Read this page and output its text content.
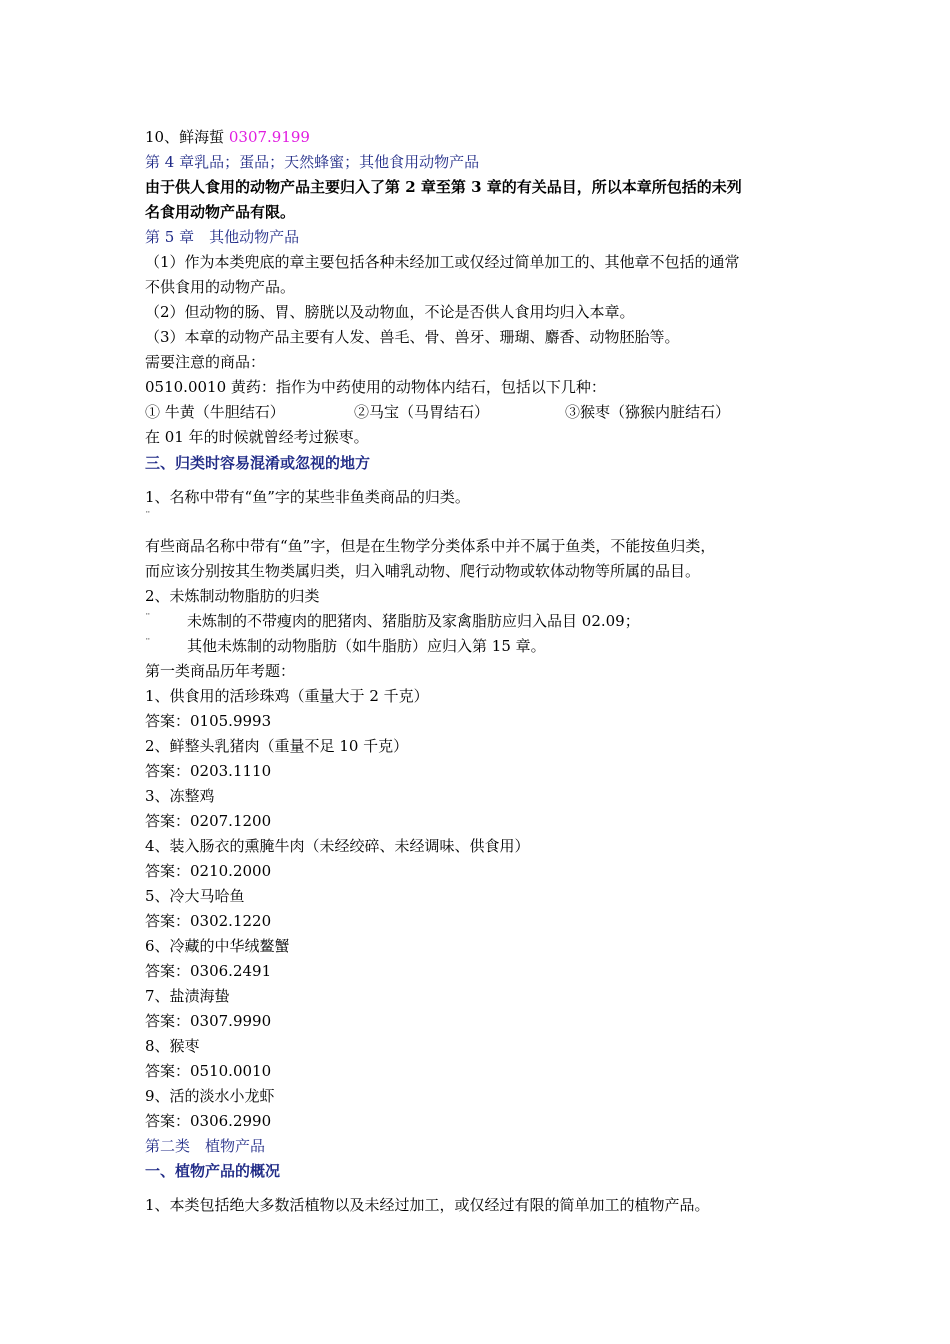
10、鲜海蜇 0307.9199

第 4 章乳品；蛋品；天然蜂蜜；其他食用动物产品

由于供人食用的动物产品主要归入了第 2 章至第 3 章的有关品目，所以本章所包括的未列

名食用动物产品有限。

第 5 章　其他动物产品

（1）作为本类兜底的章主要包括各种未经加工或仅经过简单加工的、其他章不包括的通常

不供食用的动物产品。

（2）但动物的肠、胃、膀胱以及动物血，不论是否供人食用均归入本章。

（3）本章的动物产品主要有人发、兽毛、骨、兽牙、珊瑚、麝香、动物胚胎等。

需要注意的商品：

0510.0010 黄药：指作为中药使用的动物体内结石，包括以下几种：

① 牛黄（牛胆结石）	②马宝（马胃结石）	③猴枣（猕猴内脏结石）

在 01 年的时候就曾经考过猴枣。

三、归类时容易混淆或忽视的地方

1、名称中带有“鱼”字的某些非鱼类商品的归类。

¨

有些商品名称中带有“鱼”字，但是在生物学分类体系中并不属于鱼类，不能按鱼归类，

而应该分别按其生物类属归类，归入哺乳动物、爬行动物或软体动物等所属的品目。

2、未炼制动物脂肪的归类

¨ 未炼制的不带瘦肉的肥猪肉、猪脂肪及家禽脂肪应归入品目 02.09；

¨ 其他未炼制的动物脂肪（如牛脂肪）应归入第 15 章。

第一类商品历年考题：

1、供食用的活珍珠鸡（重量大于 2 千克）

答案：0105.9993

2、鲜整头乳猪肉（重量不足 10 千克）

答案：0203.1110

3、冻整鸡

答案：0207.1200

4、装入肠衣的熏腌牛肉（未经绞碎、未经调味、供食用）

答案：0210.2000

5、冷大马哈鱼

答案：0302.1220

6、冷藏的中华绒鳌蟹

答案：0306.2491

7、盐渍海蛰

答案：0307.9990

8、猴枣

答案：0510.0010

9、活的淡水小龙虾

答案：0306.2990

第二类　植物产品

一、植物产品的概况

1、本类包括绝大多数活植物以及未经过加工，或仅经过有限的简单加工的植物产品。
